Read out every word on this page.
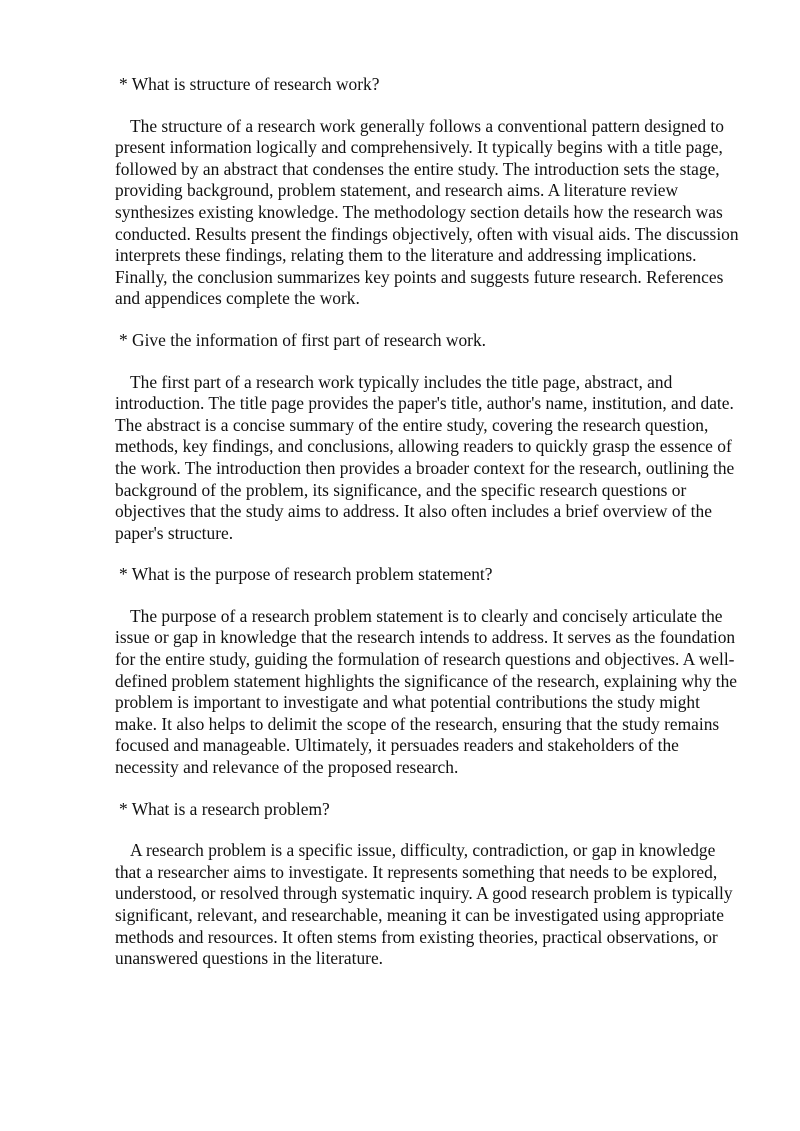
* What is structure of research work?

The structure of a research work generally follows a conventional pattern designed to present information logically and comprehensively. It typically begins with a title page, followed by an abstract that condenses the entire study. The introduction sets the stage, providing background, problem statement, and research aims. A literature review synthesizes existing knowledge. The methodology section details how the research was conducted. Results present the findings objectively, often with visual aids. The discussion interprets these findings, relating them to the literature and addressing implications. Finally, the conclusion summarizes key points and suggests future research. References and appendices complete the work.

* Give the information of first part of research work.

The first part of a research work typically includes the title page, abstract, and introduction. The title page provides the paper's title, author's name, institution, and date. The abstract is a concise summary of the entire study, covering the research question, methods, key findings, and conclusions, allowing readers to quickly grasp the essence of the work. The introduction then provides a broader context for the research, outlining the background of the problem, its significance, and the specific research questions or objectives that the study aims to address. It also often includes a brief overview of the paper's structure.

* What is the purpose of research problem statement?

The purpose of a research problem statement is to clearly and concisely articulate the issue or gap in knowledge that the research intends to address. It serves as the foundation for the entire study, guiding the formulation of research questions and objectives. A well-defined problem statement highlights the significance of the research, explaining why the problem is important to investigate and what potential contributions the study might make. It also helps to delimit the scope of the research, ensuring that the study remains focused and manageable. Ultimately, it persuades readers and stakeholders of the necessity and relevance of the proposed research.

* What is a research problem?

A research problem is a specific issue, difficulty, contradiction, or gap in knowledge that a researcher aims to investigate. It represents something that needs to be explored, understood, or resolved through systematic inquiry. A good research problem is typically significant, relevant, and researchable, meaning it can be investigated using appropriate methods and resources. It often stems from existing theories, practical observations, or unanswered questions in the literature.
